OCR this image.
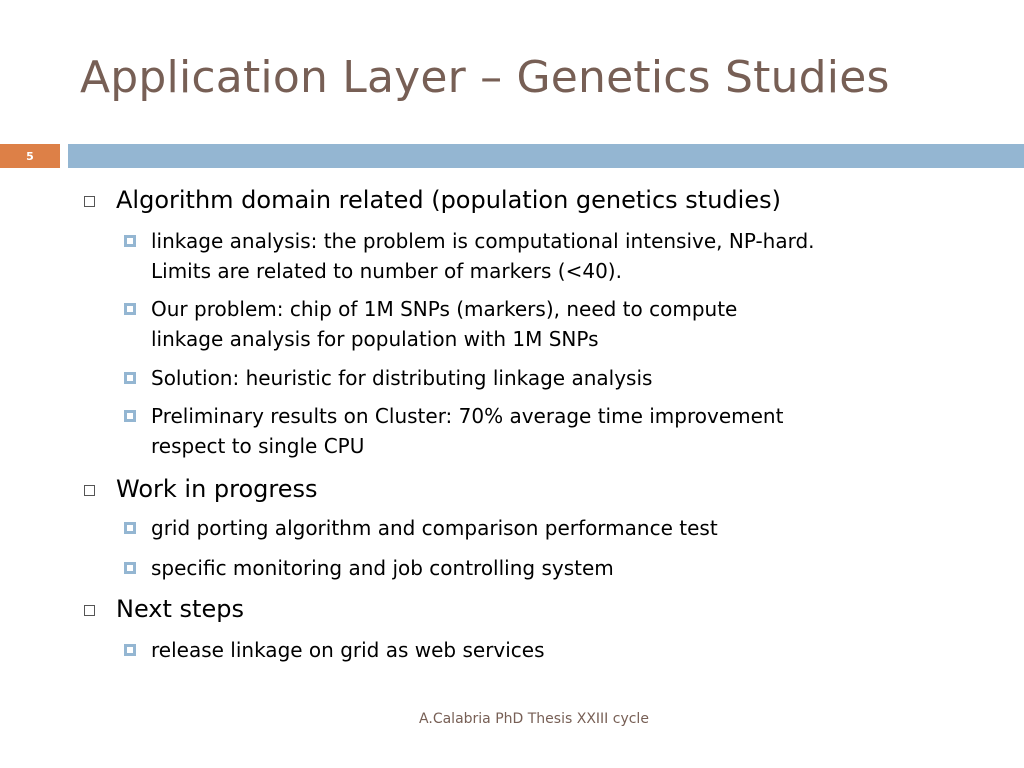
Application Layer – Genetics Studies
5
Algorithm domain related (population genetics studies)
linkage analysis: the problem is computational intensive, NP-hard.
Limits are related to number of markers (<40).
Our problem: chip of 1M SNPs (markers), need to compute
linkage analysis for population with 1M SNPs
Solution: heuristic for distributing linkage analysis
Preliminary results on Cluster: 70% average time improvement
respect to single CPU
Work in progress
grid porting algorithm and comparison performance test
specific monitoring and job controlling system
Next steps
release linkage on grid as web services
A.Calabria PhD Thesis XXIII cycle
